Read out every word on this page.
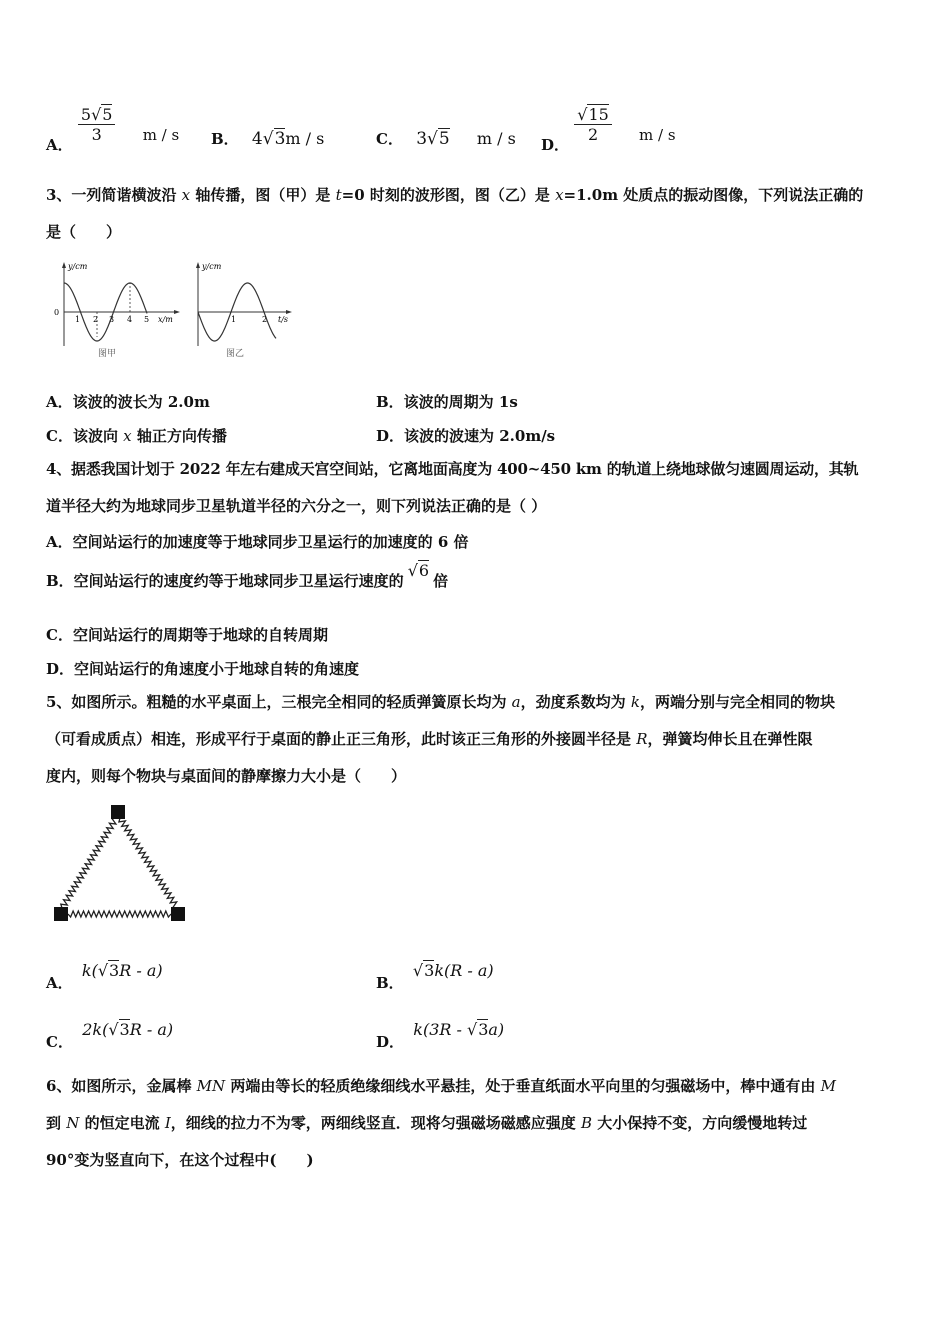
A．
$\frac{5√5}{3}$ m / s B． 4√3m / s	C． 3√5 m / s D．
$\frac{√15}{2}$ m / s
3、一列简谐横波沿 x 轴传播，图（甲）是 t=0 时刻的波形图，图（乙）是 x=1.0m 处质点的振动图像，下列说法正确的
是（　　）
y/cm
0
1 2 3 4 5 x/m
图甲
y/cm
1	2 t/s
图乙
A．该波的波长为 2.0m	B．该波的周期为 1s
C．该波向 x 轴正方向传播	D．该波的波速为 2.0m/s
4、据悉我国计划于 2022 年左右建成天宫空间站，它离地面高度为 400~450 km 的轨道上绕地球做匀速圆周运动，其轨
道半径大约为地球同步卫星轨道半径的六分之一，则下列说法正确的是（ ）
A．空间站运行的加速度等于地球同步卫星运行的加速度的 6 倍
B．空间站运行的速度约等于地球同步卫星运行速度的√6倍
C．空间站运行的周期等于地球的自转周期
D．空间站运行的角速度小于地球自转的角速度
5、如图所示。粗糙的水平桌面上，三根完全相同的轻质弹簧原长均为 a，劲度系数均为 k，两端分别与完全相同的物块
（可看成质点）相连，形成平行于桌面的静止正三角形，此时该正三角形的外接圆半径是 R，弹簧均伸长且在弹性限
度内，则每个物块与桌面间的静摩擦力大小是（　　）
A． k(√3R - a)
B． √3k(R - a)
C． 2k(√3R - a)
D． k(3R - √3a)
6、如图所示，金属棒 MN 两端由等长的轻质绝缘细线水平悬挂，处于垂直纸面水平向里的匀强磁场中，棒中通有由 M
到 N 的恒定电流 I，细线的拉力不为零，两细线竖直．现将匀强磁场磁感应强度 B 大小保持不变，方向缓慢地转过
90°变为竖直向下，在这个过程中(　　)
